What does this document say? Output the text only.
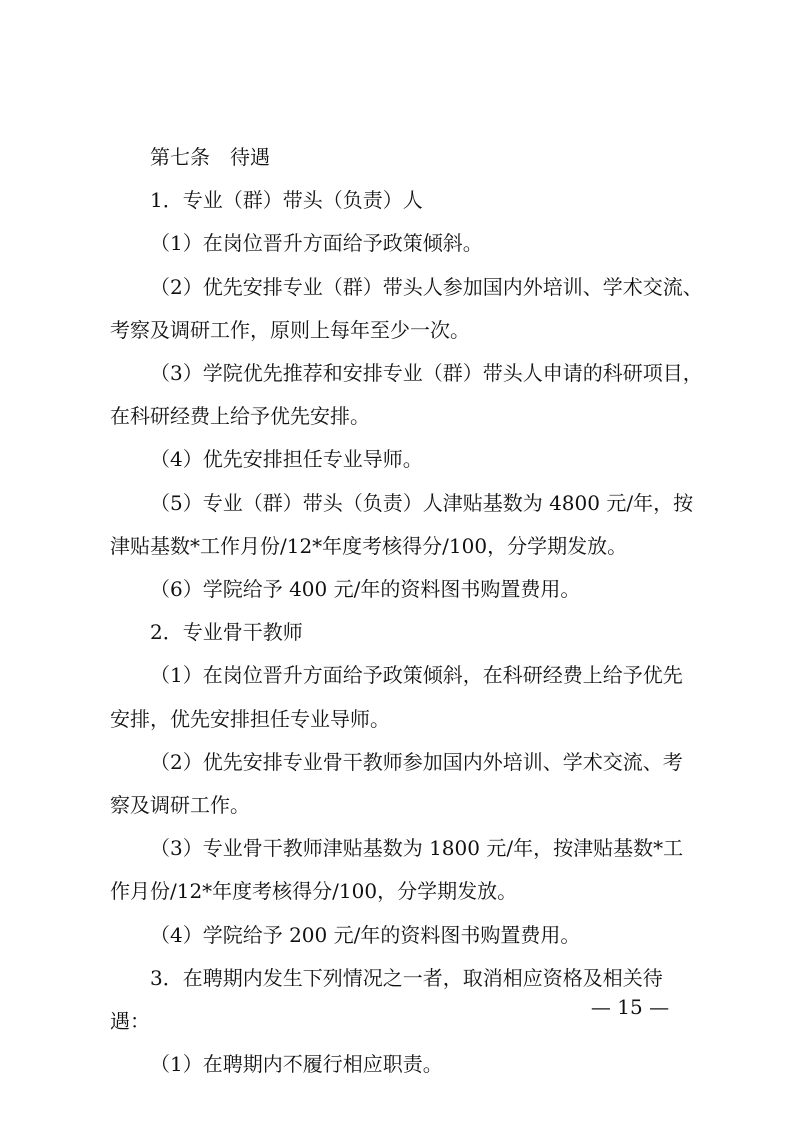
第七条　待遇

1．专业（群）带头（负责）人

（1）在岗位晋升方面给予政策倾斜。

（2）优先安排专业（群）带头人参加国内外培训、学术交流、

考察及调研工作，原则上每年至少一次。

（3）学院优先推荐和安排专业（群）带头人申请的科研项目，

在科研经费上给予优先安排。

（4）优先安排担任专业导师。

（5）专业（群）带头（负责）人津贴基数为 4800 元/年，按

津贴基数*工作月份/12*年度考核得分/100，分学期发放。

（6）学院给予 400 元/年的资料图书购置费用。

2．专业骨干教师

（1）在岗位晋升方面给予政策倾斜，在科研经费上给予优先

安排，优先安排担任专业导师。

（2）优先安排专业骨干教师参加国内外培训、学术交流、考

察及调研工作。

（3）专业骨干教师津贴基数为 1800 元/年，按津贴基数*工

作月份/12*年度考核得分/100，分学期发放。

（4）学院给予 200 元/年的资料图书购置费用。

3．在聘期内发生下列情况之一者，取消相应资格及相关待

遇：

（1）在聘期内不履行相应职责。

— 15 —
